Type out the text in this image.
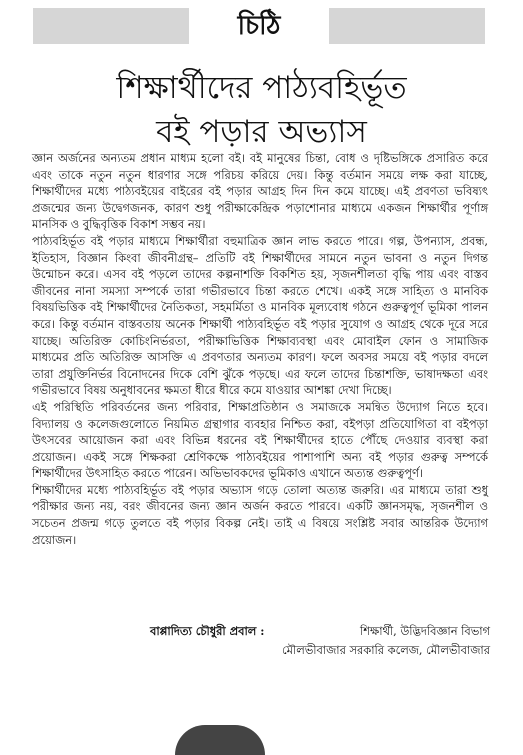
চিঠি
শিক্ষার্থীদের পাঠ্যবহির্ভূত
বই পড়ার অভ্যাস

জ্ঞান অর্জনের অন্যতম প্রধান মাধ্যম হলো বই। বই মানুষের চিন্তা, বোধ ও দৃষ্টিভঙ্গিকে প্রসারিত করে এবং তাকে নতুন নতুন ধারণার সঙ্গে পরিচয় করিয়ে দেয়। কিন্তু বর্তমান সময়ে লক্ষ করা যাচ্ছে, শিক্ষার্থীদের মধ্যে পাঠ্যবইয়ের বাইরের বই পড়ার আগ্রহ দিন দিন কমে যাচ্ছে। এই প্রবণতা ভবিষ্যৎ প্রজন্মের জন্য উদ্বেগজনক, কারণ শুধু পরীক্ষাকেন্দ্রিক পড়াশোনার মাধ্যমে একজন শিক্ষার্থীর পূর্ণাঙ্গ মানসিক ও বুদ্ধিবৃত্তিক বিকাশ সম্ভব নয়।

পাঠ্যবহির্ভূত বই পড়ার মাধ্যমে শিক্ষার্থীরা বহুমাত্রিক জ্ঞান লাভ করতে পারে। গল্প, উপন্যাস, প্রবন্ধ, ইতিহাস, বিজ্ঞান কিংবা জীবনীগ্রন্থ– প্রতিটি বই শিক্ষার্থীদের সামনে নতুন ভাবনা ও নতুন দিগন্ত উন্মোচন করে। এসব বই পড়লে তাদের কল্পনাশক্তি বিকশিত হয়, সৃজনশীলতা বৃদ্ধি পায় এবং বাস্তব জীবনের নানা সমস্যা সম্পর্কে তারা গভীরভাবে চিন্তা করতে শেখে। একই সঙ্গে সাহিত্য ও মানবিক বিষয়ভিত্তিক বই শিক্ষার্থীদের নৈতিকতা, সহমর্মিতা ও মানবিক মূল্যবোধ গঠনে গুরুত্বপূর্ণ ভূমিকা পালন করে। কিন্তু বর্তমান বাস্তবতায় অনেক শিক্ষার্থী পাঠ্যবহির্ভূত বই পড়ার সুযোগ ও আগ্রহ থেকে দূরে সরে যাচ্ছে। অতিরিক্ত কোচিংনির্ভরতা, পরীক্ষাভিত্তিক শিক্ষাব্যবস্থা এবং মোবাইল ফোন ও সামাজিক মাধ্যমের প্রতি অতিরিক্ত আসক্তি এ প্রবণতার অন্যতম কারণ। ফলে অবসর সময়ে বই পড়ার বদলে তারা প্রযুক্তিনির্ভর বিনোদনের দিকে বেশি ঝুঁকে পড়ছে। এর ফলে তাদের চিন্তাশক্তি, ভাষাদক্ষতা এবং গভীরভাবে বিষয় অনুধাবনের ক্ষমতা ধীরে ধীরে কমে যাওয়ার আশঙ্কা দেখা দিচ্ছে।

এই পরিস্থিতি পরিবর্তনের জন্য পরিবার, শিক্ষাপ্রতিষ্ঠান ও সমাজকে সমন্বিত উদ্যোগ নিতে হবে। বিদ্যালয় ও কলেজগুলোতে নিয়মিত গ্রন্থাগার ব্যবহার নিশ্চিত করা, বইপড়া প্রতিযোগিতা বা বইপড়া উৎসবের আয়োজন করা এবং বিভিন্ন ধরনের বই শিক্ষার্থীদের হাতে পৌঁছে দেওয়ার ব্যবস্থা করা প্রয়োজন। একই সঙ্গে শিক্ষকরা শ্রেণিকক্ষে পাঠ্যবইয়ের পাশাপাশি অন্য বই পড়ার গুরুত্ব সম্পর্কে শিক্ষার্থীদের উৎসাহিত করতে পারেন। অভিভাবকদের ভূমিকাও এখানে অত্যন্ত গুরুত্বপূর্ণ।

শিক্ষার্থীদের মধ্যে পাঠ্যবহির্ভূত বই পড়ার অভ্যাস গড়ে তোলা অত্যন্ত জরুরি। এর মাধ্যমে তারা শুধু পরীক্ষার জন্য নয়, বরং জীবনের জন্য জ্ঞান অর্জন করতে পারবে। একটি জ্ঞানসমৃদ্ধ, সৃজনশীল ও সচেতন প্রজন্ম গড়ে তুলতে বই পড়ার বিকল্প নেই। তাই এ বিষয়ে সংশ্লিষ্ট সবার আন্তরিক উদ্যোগ প্রয়োজন।

বাপ্পাদিত্য চৌধুরী প্রবাল :	শিক্ষার্থী, উদ্ভিদবিজ্ঞান বিভাগ
মৌলভীবাজার সরকারি কলেজ, মৌলভীবাজার
